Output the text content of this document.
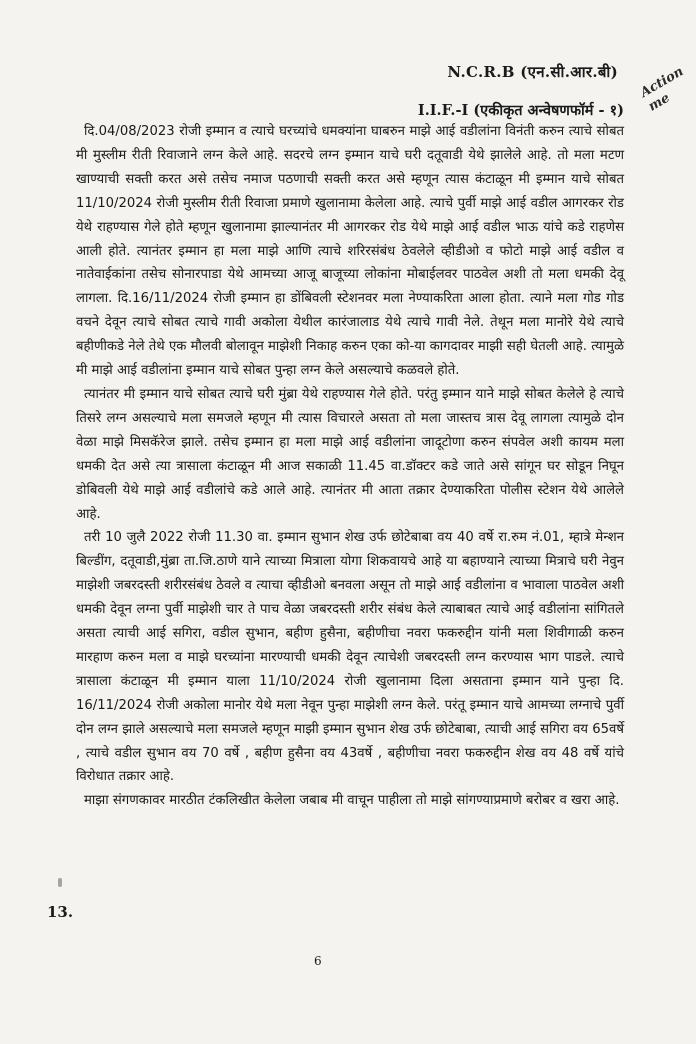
Action me
N.C.R.B (एन.सी.आर.बी)
I.I.F.-I (एकीकृत अन्वेषणफॉर्म - १)

दि.04/08/2023 रोजी इम्मान व त्याचे घरच्यांचे धमक्यांना घाबरुन माझे आई वडीलांना विनंती करुन त्याचे सोबत मी मुस्लीम रीती रिवाजाने लग्न केले आहे. सदरचे लग्न इम्मान याचे घरी दतूवाडी येथे झालेले आहे. तो मला मटण खाण्याची सक्ती करत असे तसेच नमाज पठणाची सक्ती करत असे म्हणून त्यास कंटाळून मी इम्मान याचे सोबत 11/10/2024 रोजी मुस्लीम रीती रिवाजा प्रमाणे खुलानामा केलेला आहे. त्याचे पुर्वी माझे आई वडील आगरकर रोड येथे राहण्यास गेले होते म्हणून खुलानामा झाल्यानंतर मी आगरकर रोड येथे माझे आई वडील भाऊ यांचे कडे राहणेस आली होते. त्यानंतर इम्मान हा मला माझे आणि त्याचे शरिरसंबंध ठेवलेले व्हीडीओ व फोटो माझे आई वडील व नातेवाईकांना तसेच सोनारपाडा येथे आमच्या आजू बाजूच्या लोकांना मोबाईलवर पाठवेल अशी तो मला धमकी देवू लागला. दि.16/11/2024 रोजी इम्मान हा डोंबिवली स्टेशनवर मला नेण्याकरिता आला होता. त्याने मला गोड गोड वचने देवून त्याचे सोबत त्याचे गावी अकोला येथील कारंजालाड येथे त्याचे गावी नेले. तेथून मला मानोरे येथे त्याचे बहीणीकडे नेले तेथे एक मौलवी बोलावून माझेशी निकाह करुन एका को-या कागदावर माझी सही घेतली आहे. त्यामुळे मी माझे आई वडीलांना इम्मान याचे सोबत पुन्हा लग्न केले असल्याचे कळवले होते.

त्यानंतर मी इम्मान याचे सोबत त्याचे घरी मुंब्रा येथे राहण्यास गेले होते. परंतु इम्मान याने माझे सोबत केलेले हे त्याचे तिसरे लग्न असल्याचे मला समजले म्हणून मी त्यास विचारले असता तो मला जास्तच त्रास देवू लागला त्यामुळे दोन वेळा माझे मिसकॅरेज झाले. तसेच इम्मान हा मला माझे आई वडीलांना जादूटोणा करुन संपवेल अशी कायम मला धमकी देत असे त्या त्रासाला कंटाळून मी आज सकाळी 11.45 वा.डॉक्टर कडे जाते असे सांगून घर सोडून निघून डोबिवली येथे माझे आई वडीलांचे कडे आले आहे. त्यानंतर मी आता तक्रार देण्याकरिता पोलीस स्टेशन येथे आलेले आहे.

तरी 10 जुलै 2022 रोजी 11.30 वा. इम्मान सुभान शेख उर्फ छोटेबाबा वय 40 वर्षे रा.रुम नं.01, म्हात्रे मेन्शन बिल्डींग, दतूवाडी,मुंब्रा ता.जि.ठाणे याने त्याच्या मित्राला योगा शिकवायचे आहे या बहाण्याने त्याच्या मित्राचे घरी नेवुन माझेशी जबरदस्ती शरीरसंबंध ठेवले व त्याचा व्हीडीओ बनवला असून तो माझे आई वडीलांना व भावाला पाठवेल अशी धमकी देवून लग्ना पुर्वी माझेशी चार ते पाच वेळा जबरदस्ती शरीर संबंध केले त्याबाबत त्याचे आई वडीलांना सांगितले असता त्याची आई सगिरा, वडील सुभान, बहीण हुसैना, बहीणीचा नवरा फकरुद्दीन यांनी मला शिवीगाळी करुन मारहाण करुन मला व माझे घरच्यांना मारण्याची धमकी देवून त्याचेशी जबरदस्ती लग्न करण्यास भाग पाडले. त्याचे त्रासाला कंटाळून मी इम्मान याला 11/10/2024 रोजी खुलानामा दिला असताना इम्मान याने पुन्हा दि. 16/11/2024 रोजी अकोला मानोर येथे मला नेवून पुन्हा माझेशी लग्न केले. परंतू इम्मान याचे आमच्या लग्नाचे पुर्वी दोन लग्न झाले असल्याचे मला समजले म्हणून माझी इम्मान सुभान शेख उर्फ छोटेबाबा, त्याची आई सगिरा वय 65वर्षे , त्याचे वडील सुभान वय 70 वर्षे , बहीण हुसैना वय 43वर्षे , बहीणीचा नवरा फकरुद्दीन शेख वय 48 वर्षे यांचे विरोधात तक्रार आहे.

माझा संगणकावर मारठीत टंकलिखीत केलेला जबाब मी वाचून पाहीला तो माझे सांगण्याप्रमाणे बरोबर व खरा आहे.

13.
6
